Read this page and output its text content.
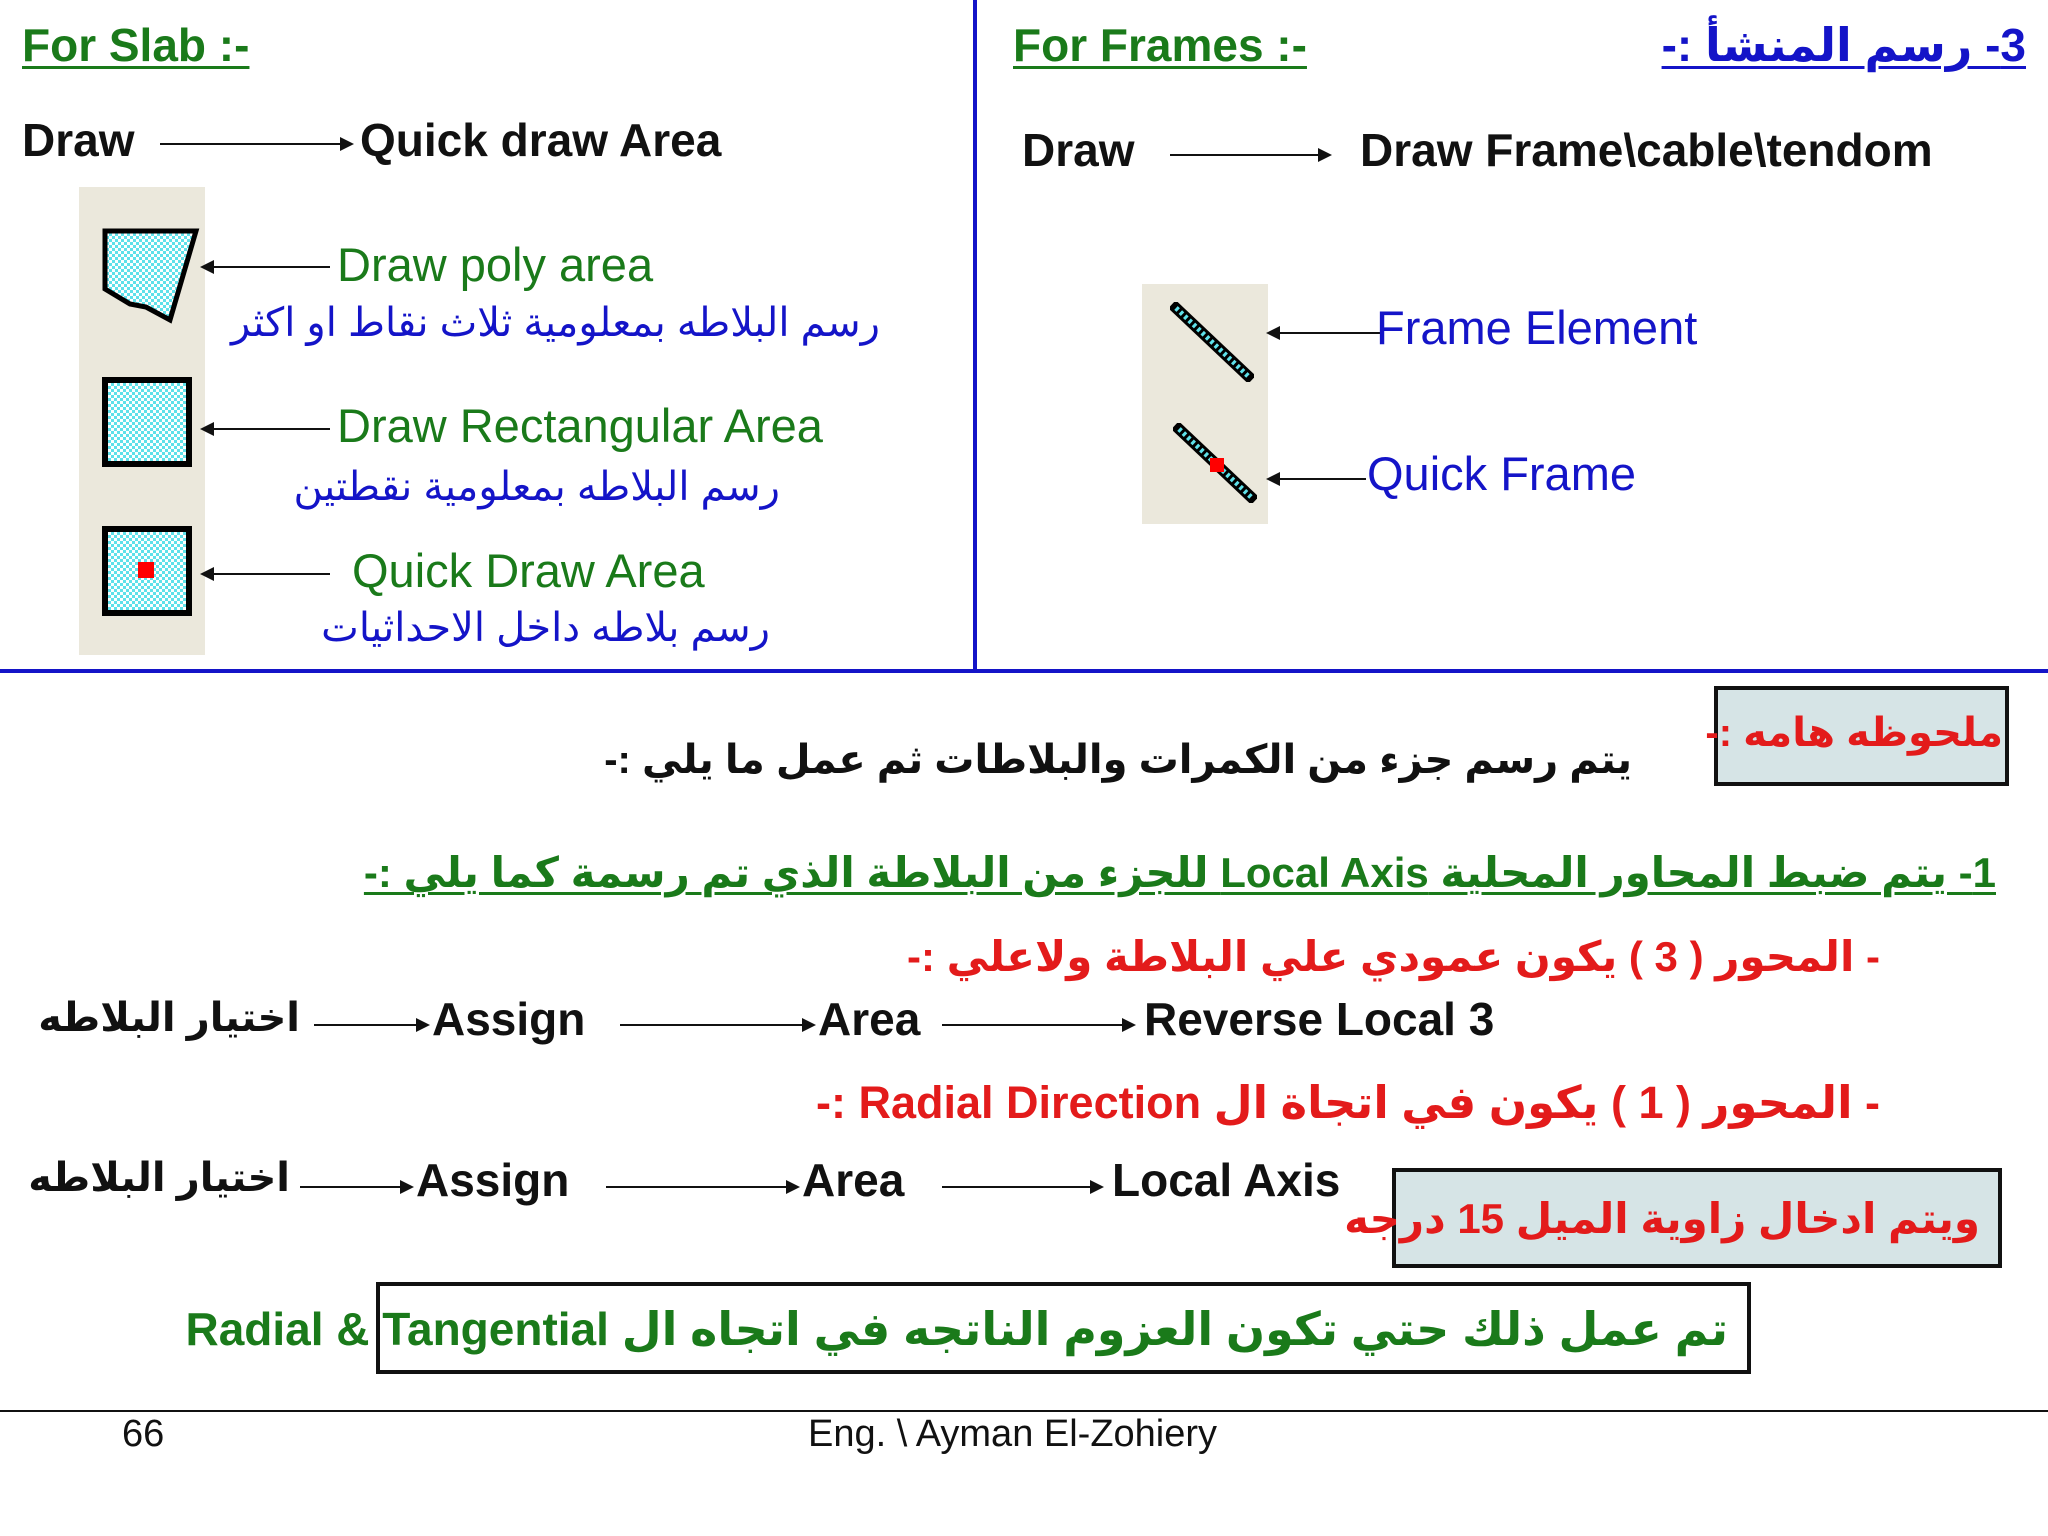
For Slab :-
Draw	Quick draw Area
Draw poly area
رسم البلاطه بمعلومية ثلاث نقاط او اكثر
Draw Rectangular Area
رسم البلاطه بمعلومية نقطتين
Quick Draw Area
رسم بلاطه داخل الاحداثيات
For Frames :-	3- رسم المنشأ :-
Draw	Draw Frame\cable\tendom
Frame Element
Quick Frame
ملحوظه هامه :-
يتم رسم جزء من الكمرات والبلاطات ثم عمل ما يلي :-
1- يتم ضبط المحاور المحلية Local Axis للجزء من البلاطة الذي تم رسمة كما يلي :-
- المحور ( 3 ) يكون عمودي علي البلاطة ولاعلي :-
اختيار البلاطه	Assign	Area	Reverse Local 3
- المحور ( 1 ) يكون في اتجاة ال Radial Direction :-
اختيار البلاطه	Assign	Area	Local Axis
ويتم ادخال زاوية الميل 15 درجه
تم عمل ذلك حتي تكون العزوم الناتجه في اتجاه ال Radial & Tangential
66	Eng. \ Ayman El-Zohiery
